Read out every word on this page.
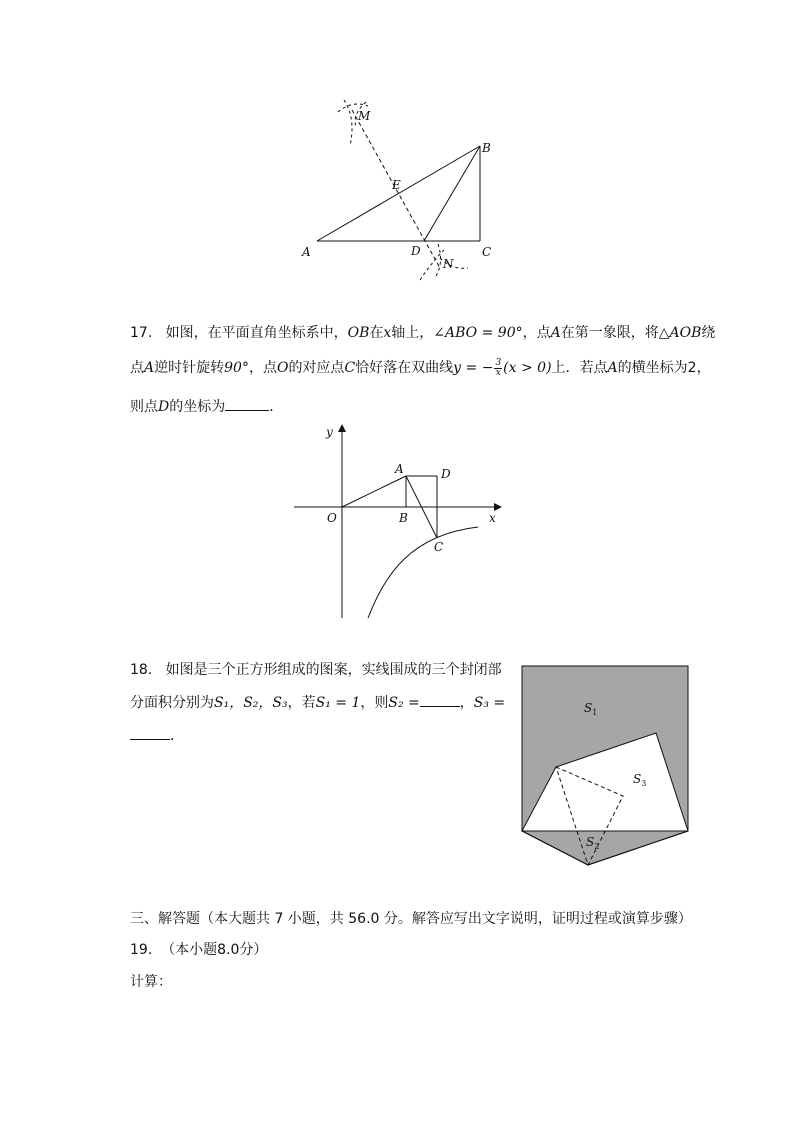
M
B
E
A	D	C
N
17. 如图，在平面直角坐标系中，OB在x轴上，∠ABO = 90°，点A在第一象限，将△AOB绕
点A逆时针旋转90°，点O的对应点C恰好落在双曲线y = − $\frac{3}{x} (x > 0)$上．若点A的横坐标为2，
则点D的坐标为	．
y
x
O
A
B
C
D
18. 如图是三个正方形组成的图案，实线围成的三个封闭部
分面积分别为S₁，S₂，S₃，若S₁ = 1，则S₂ =	，S₃ =
．
$S_1$
$S_3$
$S_2$
三、解答题（本大题共 7 小题，共 56.0 分。解答应写出文字说明，证明过程或演算步骤）
19. （本小题8.0分）
计算：
